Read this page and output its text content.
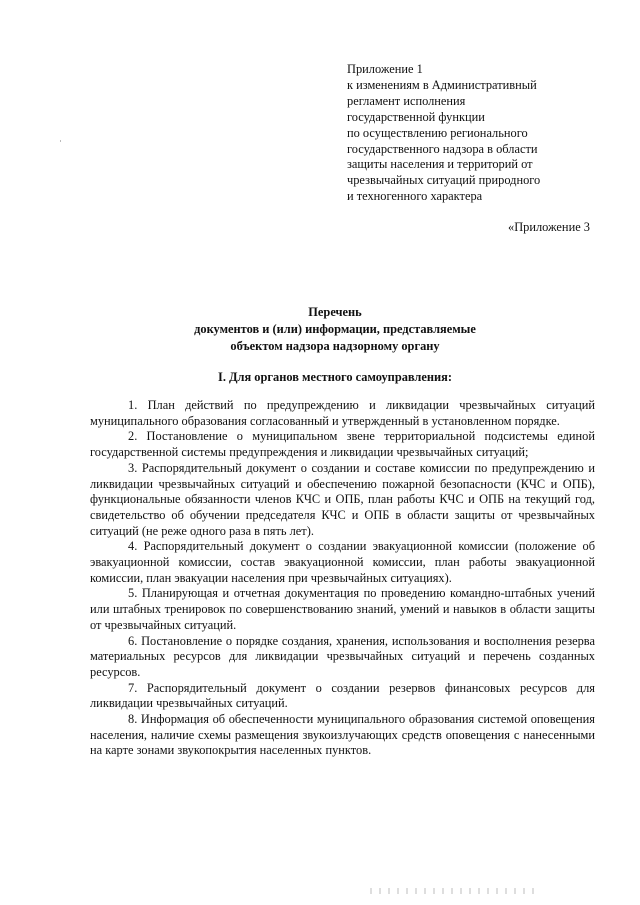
Приложение 1
к изменениям в Административный
регламент исполнения
государственной функции
по осуществлению регионального
государственного надзора в области
защиты населения и территорий от
чрезвычайных ситуаций природного
и техногенного характера
«Приложение 3
Перечень
документов и (или) информации, представляемые
объектом надзора надзорному органу
I. Для органов местного самоуправления:

1. План действий по предупреждению и ликвидации чрезвычайных ситуаций муниципального образования согласованный и утвержденный в установленном порядке.

2. Постановление о муниципальном звене территориальной подсистемы единой государственной системы предупреждения и ликвидации чрезвычайных ситуаций;

3. Распорядительный документ о создании и составе комиссии по предупреждению и ликвидации чрезвычайных ситуаций и обеспечению пожарной безопасности (КЧС и ОПБ), функциональные обязанности членов КЧС и ОПБ, план работы КЧС и ОПБ на текущий год, свидетельство об обучении председателя КЧС и ОПБ в области защиты от чрезвычайных ситуаций (не реже одного раза в пять лет).

4. Распорядительный документ о создании эвакуационной комиссии (положение об эвакуационной комиссии, состав эвакуационной комиссии, план работы эвакуационной комиссии, план эвакуации населения при чрезвычайных ситуациях).

5. Планирующая и отчетная документация по проведению командно-штабных учений или штабных тренировок по совершенствованию знаний, умений и навыков в области защиты от чрезвычайных ситуаций.

6. Постановление о порядке создания, хранения, использования и восполнения резерва материальных ресурсов для ликвидации чрезвычайных ситуаций и перечень созданных ресурсов.

7. Распорядительный документ о создании резервов финансовых ресурсов для ликвидации чрезвычайных ситуаций.

8. Информация об обеспеченности муниципального образования системой оповещения населения, наличие схемы размещения звукоизлучающих средств оповещения с нанесенными на карте зонами звукопокрытия населенных пунктов.
